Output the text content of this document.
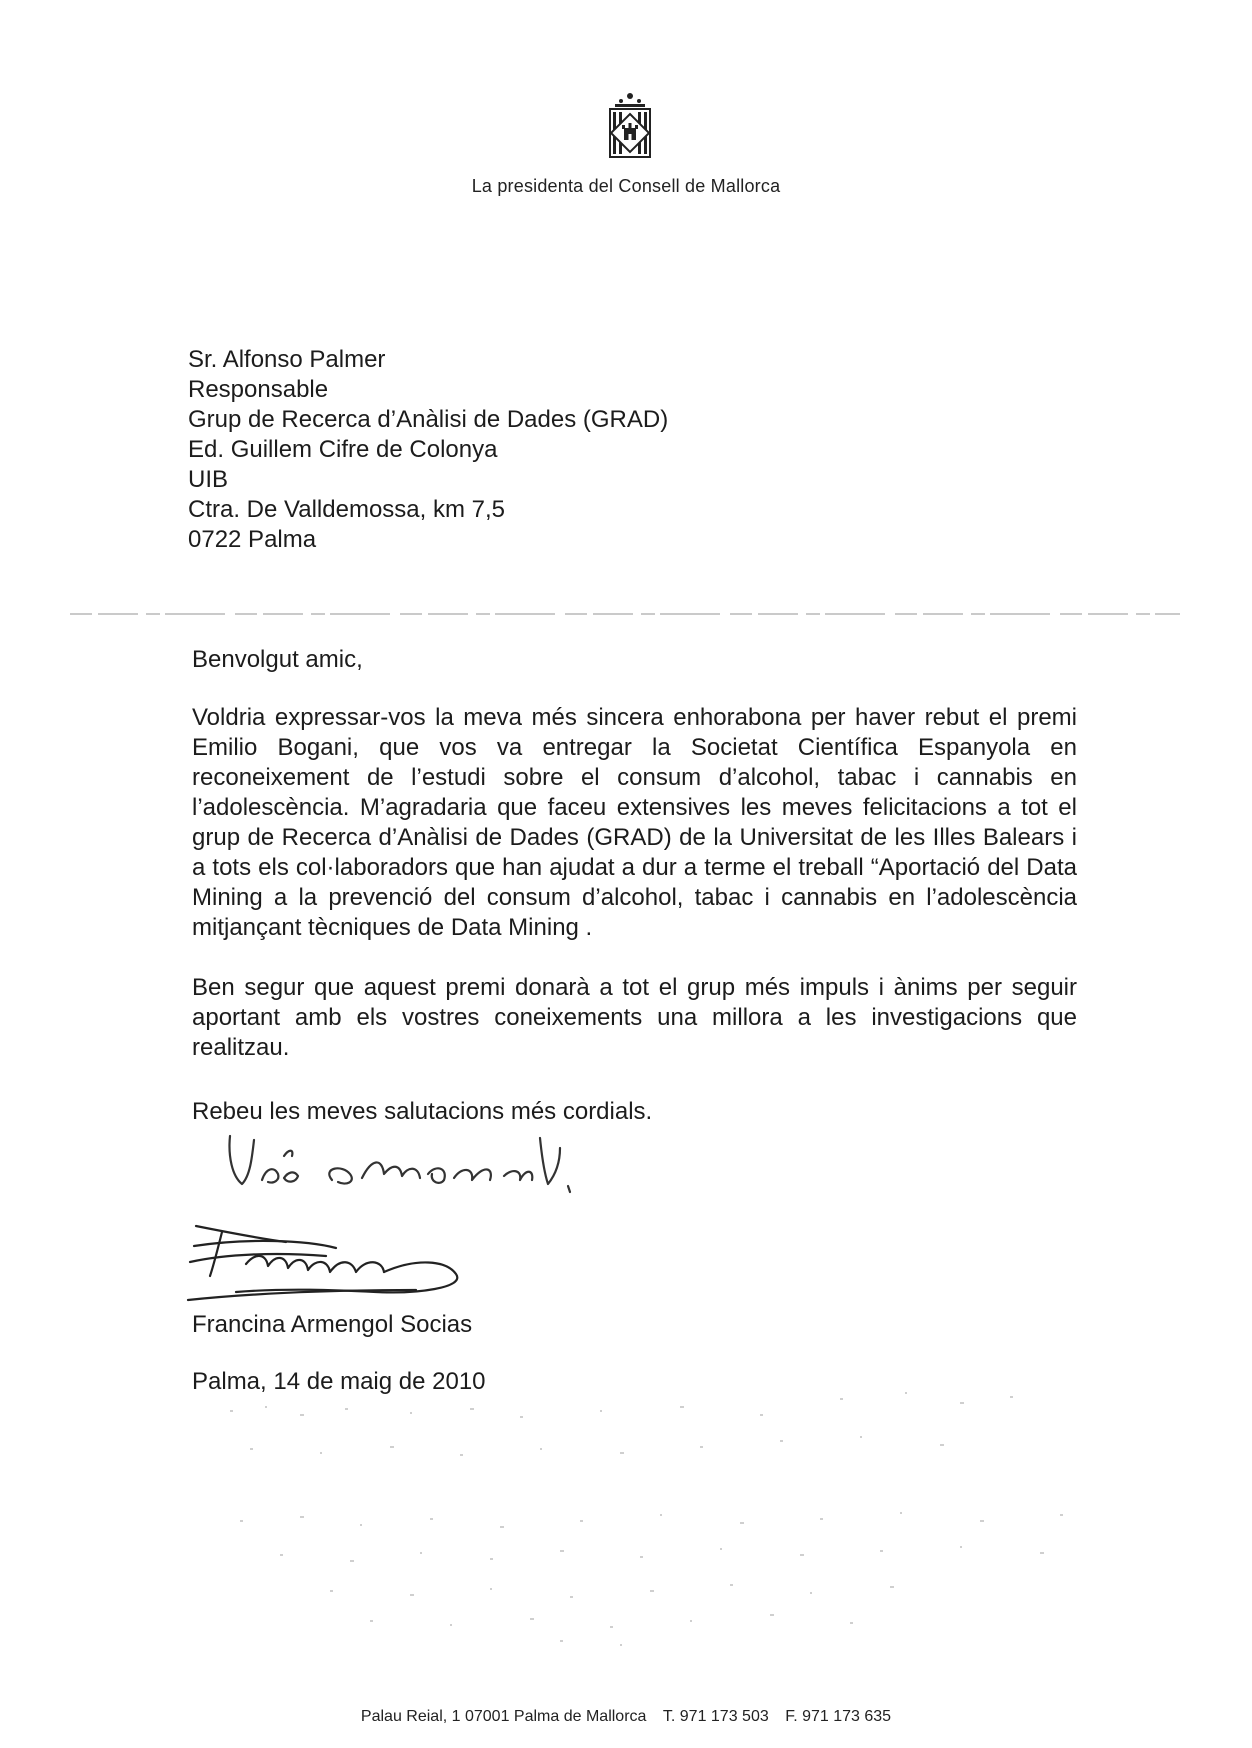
La presidenta del Consell de Mallorca
Sr. Alfonso Palmer
Responsable
Grup de Recerca d’Anàlisi de Dades (GRAD)
Ed. Guillem Cifre de Colonya
UIB
Ctra. De Valldemossa, km 7,5
0722 Palma
Benvolgut amic,
Voldria expressar-vos la meva més sincera enhorabona per haver rebut el premi Emilio Bogani, que vos va entregar la Societat Científica Espanyola en reconeixement de l’estudi sobre el consum d’alcohol, tabac i cannabis en l’adolescència. M’agradaria que faceu extensives les meves felicitacions a tot el grup de Recerca d’Anàlisi de Dades (GRAD) de la Universitat de les Illes Balears i a tots els col·laboradors que han ajudat a dur a terme el treball “Aportació del Data Mining a la prevenció del consum d’alcohol, tabac i cannabis en l’adolescència mitjançant tècniques de Data Mining .
Ben segur que aquest premi donarà a tot el grup més impuls i ànims per seguir aportant amb els vostres coneixements una millora a les investigacions que realitzau.
Rebeu les meves salutacions més cordials.
Francina Armengol Socias
Palma, 14 de maig de 2010
Palau Reial, 1 07001 Palma de Mallorca T. 971 173 503 F. 971 173 635
